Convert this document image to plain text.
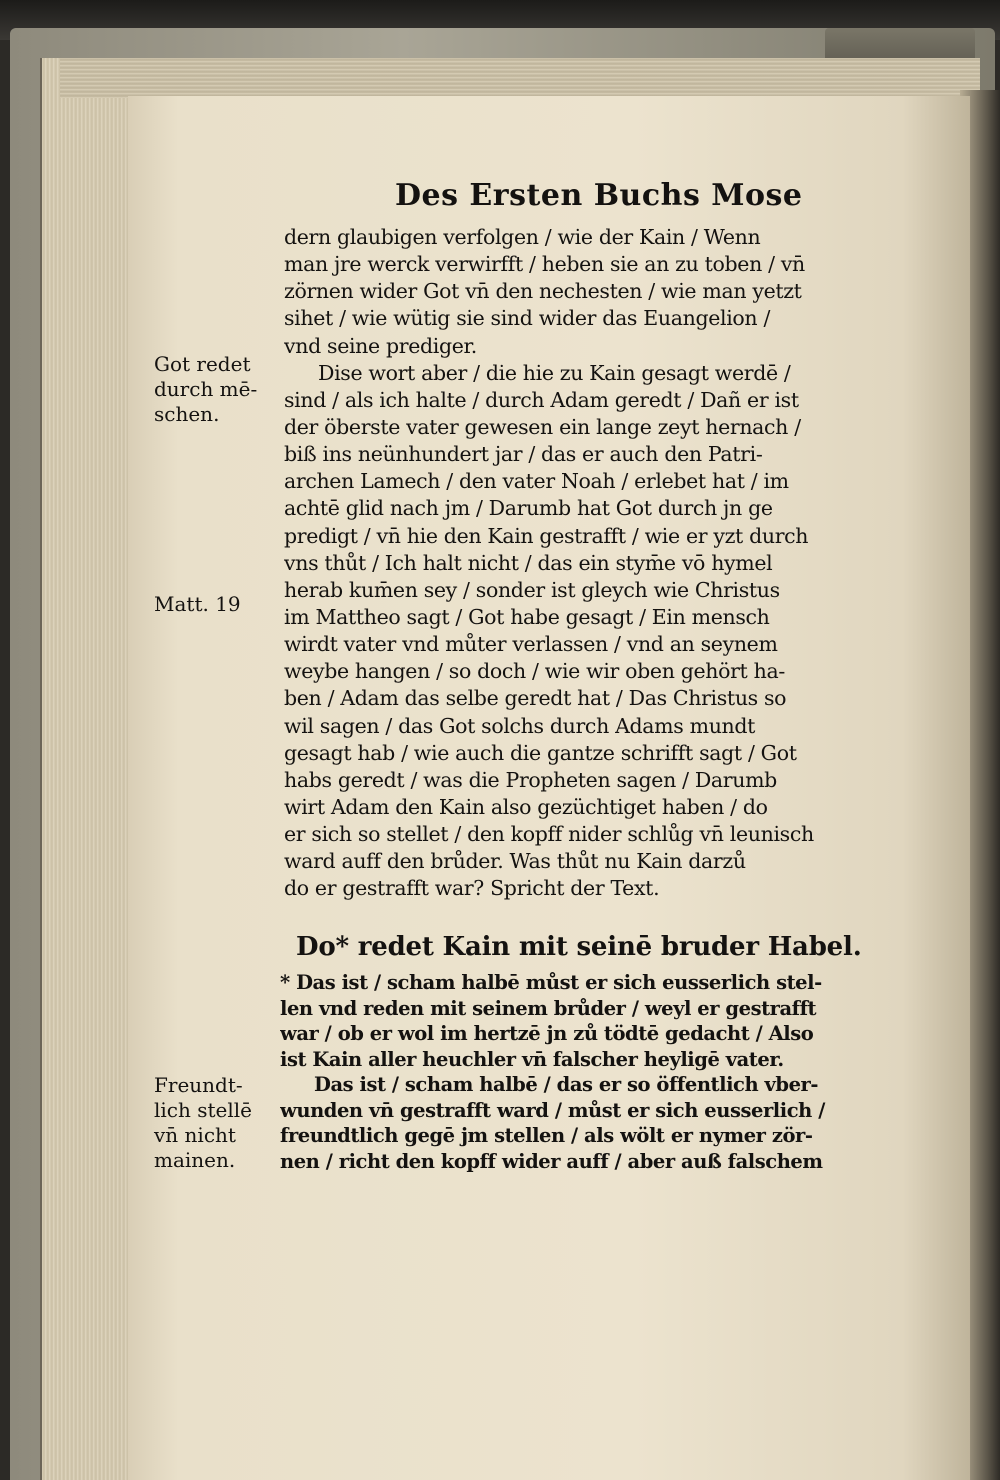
Des Ersten Buchs Mose
dern glaubigen verfolgen / wie der Kain / Wenn
man jre werck verwirfft / heben sie an zu toben / vn̄
zörnen wider Got vn̄ den nechesten / wie man yetzt
sihet / wie wütig sie sind wider das Euangelion /
vnd seine prediger.
Dise wort aber / die hie zu Kain gesagt werdē /
sind / als ich halte / durch Adam geredt / Dañ er ist
der öberste vater gewesen ein lange zeyt hernach /
biß ins neünhundert jar / das er auch den Patri-
archen Lamech / den vater Noah / erlebet hat / im
achtē glid nach jm / Darumb hat Got durch jn ge
predigt / vn̄ hie den Kain gestrafft / wie er yzt durch
vns thůt / Ich halt nicht / das ein stym̄e vō hymel
herab kum̄en sey / sonder ist gleych wie Christus
im Mattheo sagt / Got habe gesagt / Ein mensch
wirdt vater vnd můter verlassen / vnd an seynem
weybe hangen / so doch / wie wir oben gehört ha-
ben / Adam das selbe geredt hat / Das Christus so
wil sagen / das Got solchs durch Adams mundt
gesagt hab / wie auch die gantze schrifft sagt / Got
habs geredt / was die Propheten sagen / Darumb
wirt Adam den Kain also gezüchtiget haben / do
er sich so stellet / den kopff nider schlůg vn̄ leunisch
ward auff den brůder. Was thůt nu Kain darzů
do er gestrafft war? Spricht der Text.
Do* redet Kain mit seinē bruder Habel.
* Das ist / scham halbē můst er sich eusserlich stel-
len vnd reden mit seinem brůder / weyl er gestrafft
war / ob er wol im hertzē jn zů tödtē gedacht / Also
ist Kain aller heuchler vn̄ falscher heyligē vater.
Das ist / scham halbē / das er so öffentlich vber-
wunden vn̄ gestrafft ward / můst er sich eusserlich /
freundtlich gegē jm stellen / als wölt er nymer zör-
nen / richt den kopff wider auff / aber auß falschem
Got redet
durch mē-
schen.
Matt. 19
Freundt-
lich stellē
vn̄ nicht
mainen.
